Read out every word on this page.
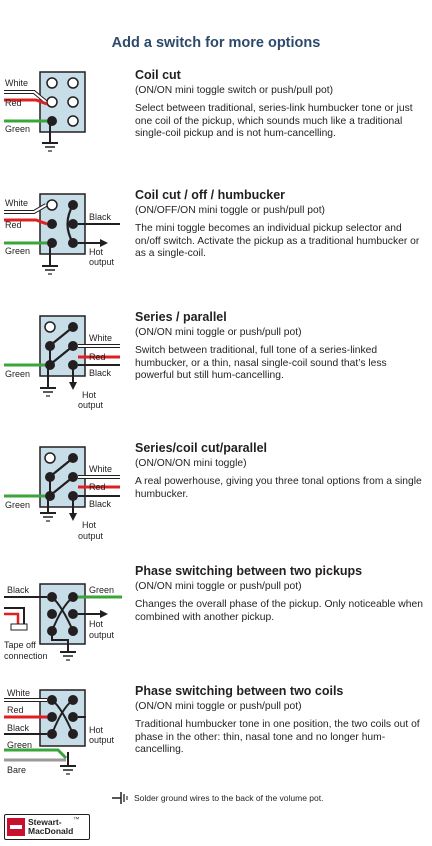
Add a switch for more options
White
Red
Green
Coil cut
(ON/ON mini toggle switch or push/pull pot)
Select between traditional, series-link humbucker tone or just one coil of the pickup, which sounds much like a traditional single-coil pickup and is not hum-cancelling.
White
Red
Green
Black
Hot
output
Coil cut / off / humbucker
(ON/OFF/ON mini toggle or push/pull pot)
The mini toggle becomes an individual pickup selector and on/off switch. Activate the pickup as a traditional humbucker or as a single-coil.
White
Red
Black
Green
Hot
output
Series / parallel
(ON/ON mini toggle or push/pull pot)
Switch between traditional, full tone of a series-linked humbucker, or a thin, nasal single-coil sound that’s less powerful but still hum-cancelling.
White
Red
Black
Green
Hot
output
Series/coil cut/parallel
(ON/ON/ON mini toggle)
A real powerhouse, giving you three tonal options from a single humbucker.
Black	Green
Hot
output
Tape off
connection
Phase switching between two pickups
(ON/ON mini toggle or push/pull pot)
Changes the overall phase of the pickup. Only noticeable when combined with another pickup.
White
Red
Black	Hot
output
Green
Bare
Phase switching between two coils
(ON/ON mini toggle or push/pull pot)
Traditional humbucker tone in one position, the two coils out of phase in the other: thin, nasal tone and no longer hum-cancelling.
Solder ground wires to the back of the volume pot.
Stewart-
MacDonald
™
